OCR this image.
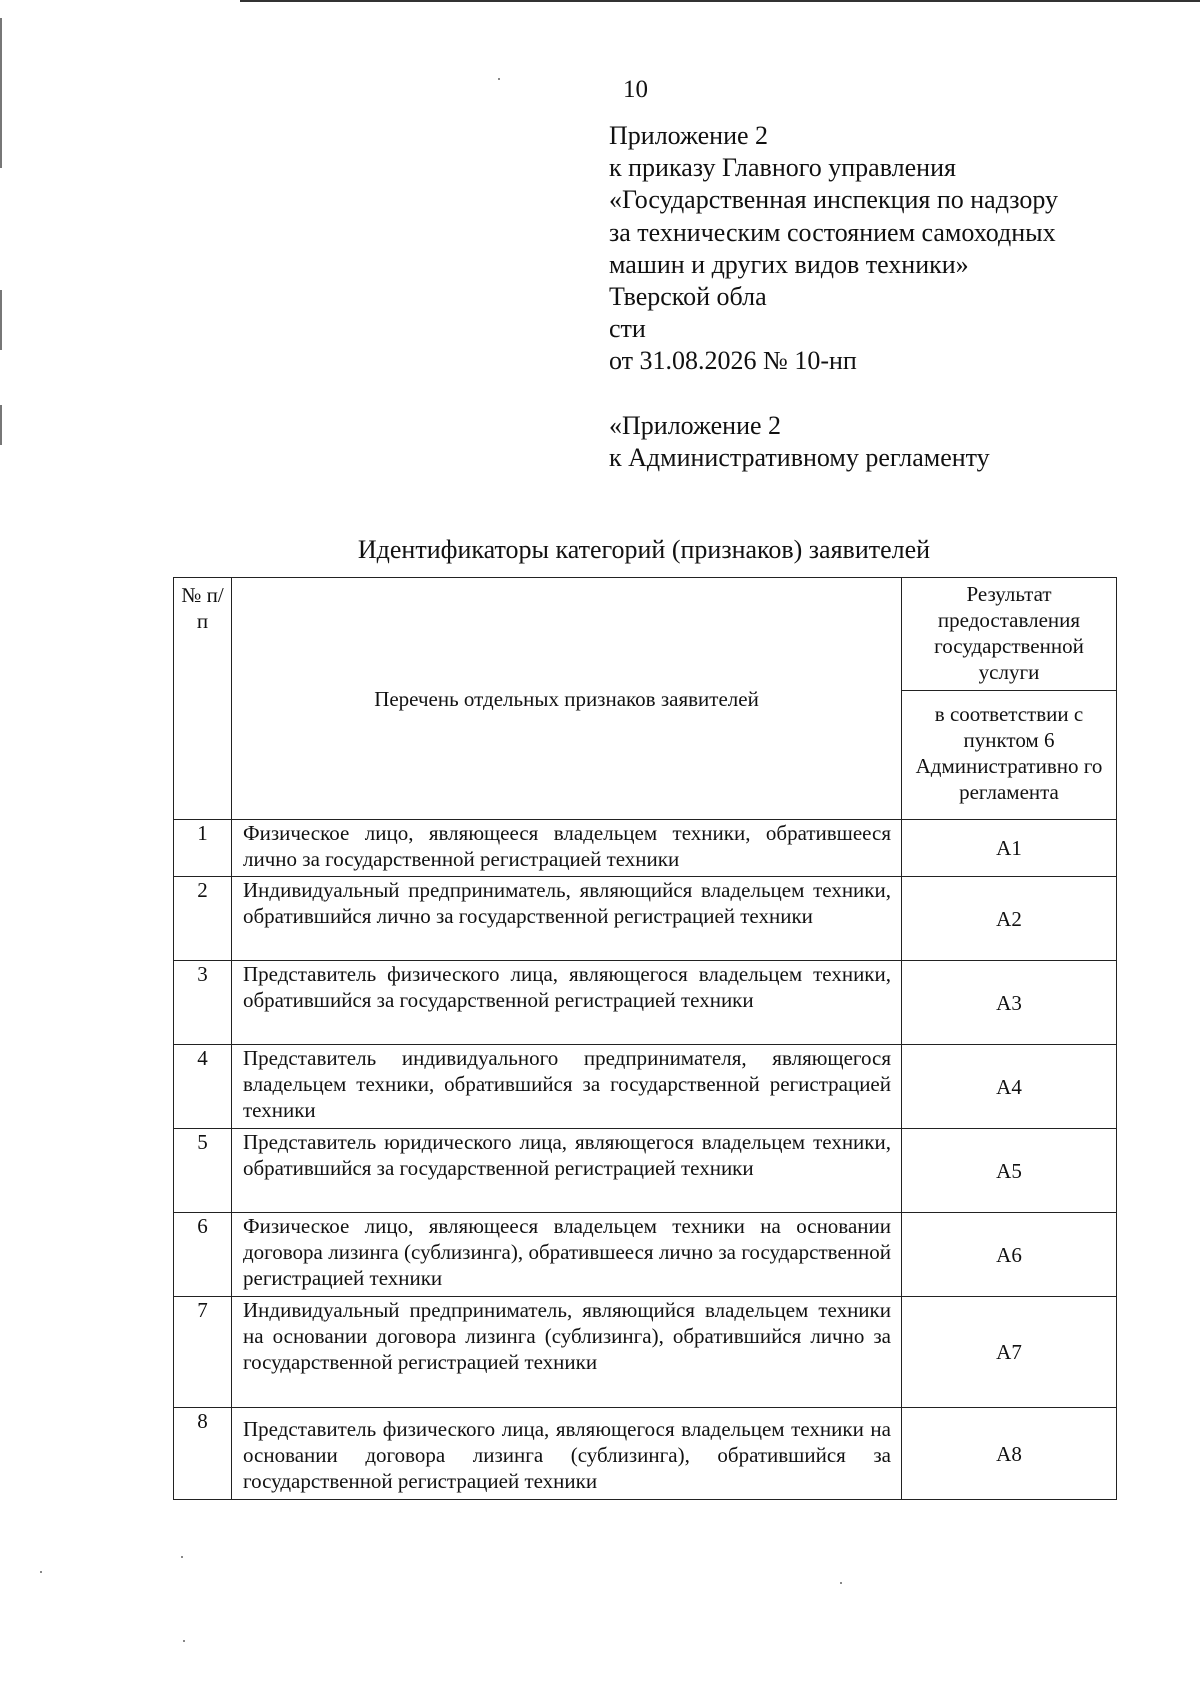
10
Приложение 2
к приказу Главного управления
«Государственная инспекция по надзору
за техническим состоянием самоходных
машин и других видов техники»
Тверской обла
сти
от 31.08.2026 № 10-нп
«Приложение 2
к Административному регламенту
Идентификаторы категорий (признаков) заявителей
№ п/п	Перечень отдельных признаков заявителей	Результат предоставления государственной услуги
		в соответствии с пунктом 6 Административно го регламента
1	Физическое лицо, являющееся владельцем техники, обратившееся лично за государственной регистрацией техники	А1
2	Индивидуальный предприниматель, являющийся владельцем техники, обратившийся лично за государственной регистрацией техники	А2
3	Представитель физического лица, являющегося владельцем техники, обратившийся за государственной регистрацией техники	А3
4	Представитель индивидуального предпринимателя, являющегося владельцем техники, обратившийся за государственной регистрацией техники	А4
5	Представитель юридического лица, являющегося владельцем техники, обратившийся за государственной регистрацией техники	А5
6	Физическое лицо, являющееся владельцем техники на основании договора лизинга (сублизинга), обратившееся лично за государственной регистрацией техники	А6
7	Индивидуальный предприниматель, являющийся владельцем техники на основании договора лизинга (сублизинга), обратившийся лично за государственной регистрацией техники	А7
8	Представитель физического лица, являющегося владельцем техники на основании договора лизинга (сублизинга), обратившийся за государственной регистрацией техники	А8
